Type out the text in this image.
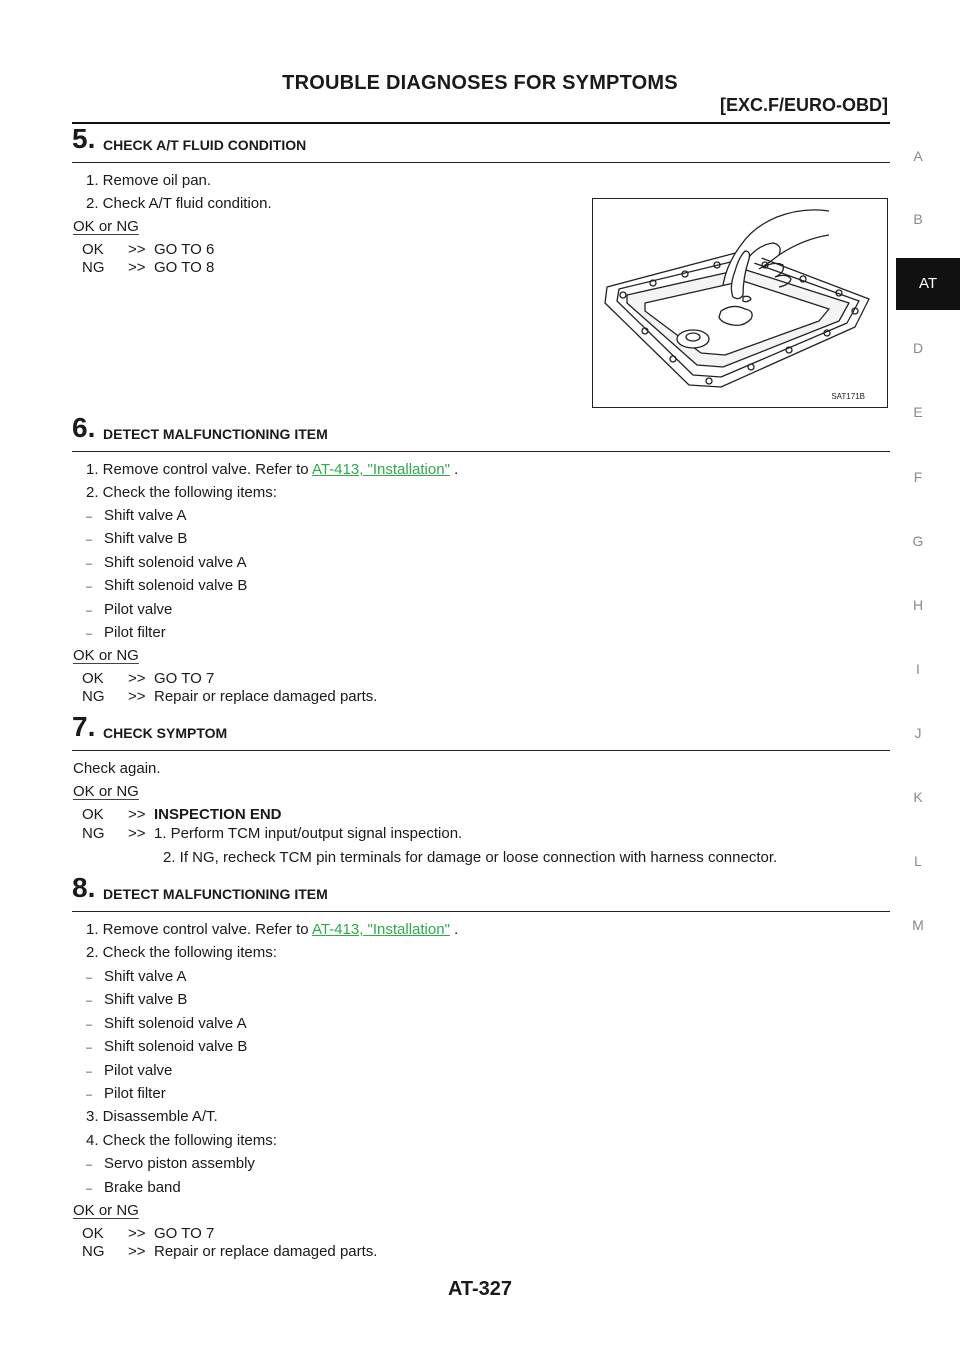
TROUBLE DIAGNOSES FOR SYMPTOMS
[EXC.F/EURO-OBD]
A
B
AT
D
E
F
G
H
I
J
K
L
M
5 .	CHECK A/T FLUID CONDITION
1. Remove oil pan.
2. Check A/T fluid condition.
OK or NG
OK >> GO TO 6
NG >> GO TO 8
SAT171B
6 .	DETECT MALFUNCTIONING ITEM
1. Remove control valve. Refer to AT-413, "Installation" .
2. Check the following items:
– Shift valve A
– Shift valve B
– Shift solenoid valve A
– Shift solenoid valve B
– Pilot valve
– Pilot filter
OK or NG
OK >> GO TO 7
NG >> Repair or replace damaged parts.
7 .	CHECK SYMPTOM
Check again.
OK or NG
OK >> INSPECTION END
NG >> 1. Perform TCM input/output signal inspection.
2. If NG, recheck TCM pin terminals for damage or loose connection with harness connector.
8 .	DETECT MALFUNCTIONING ITEM
1. Remove control valve. Refer to AT-413, "Installation" .
2. Check the following items:
– Shift valve A
– Shift valve B
– Shift solenoid valve A
– Shift solenoid valve B
– Pilot valve
– Pilot filter
3. Disassemble A/T.
4. Check the following items:
– Servo piston assembly
– Brake band
OK or NG
OK >> GO TO 7
NG >> Repair or replace damaged parts.
AT-327
